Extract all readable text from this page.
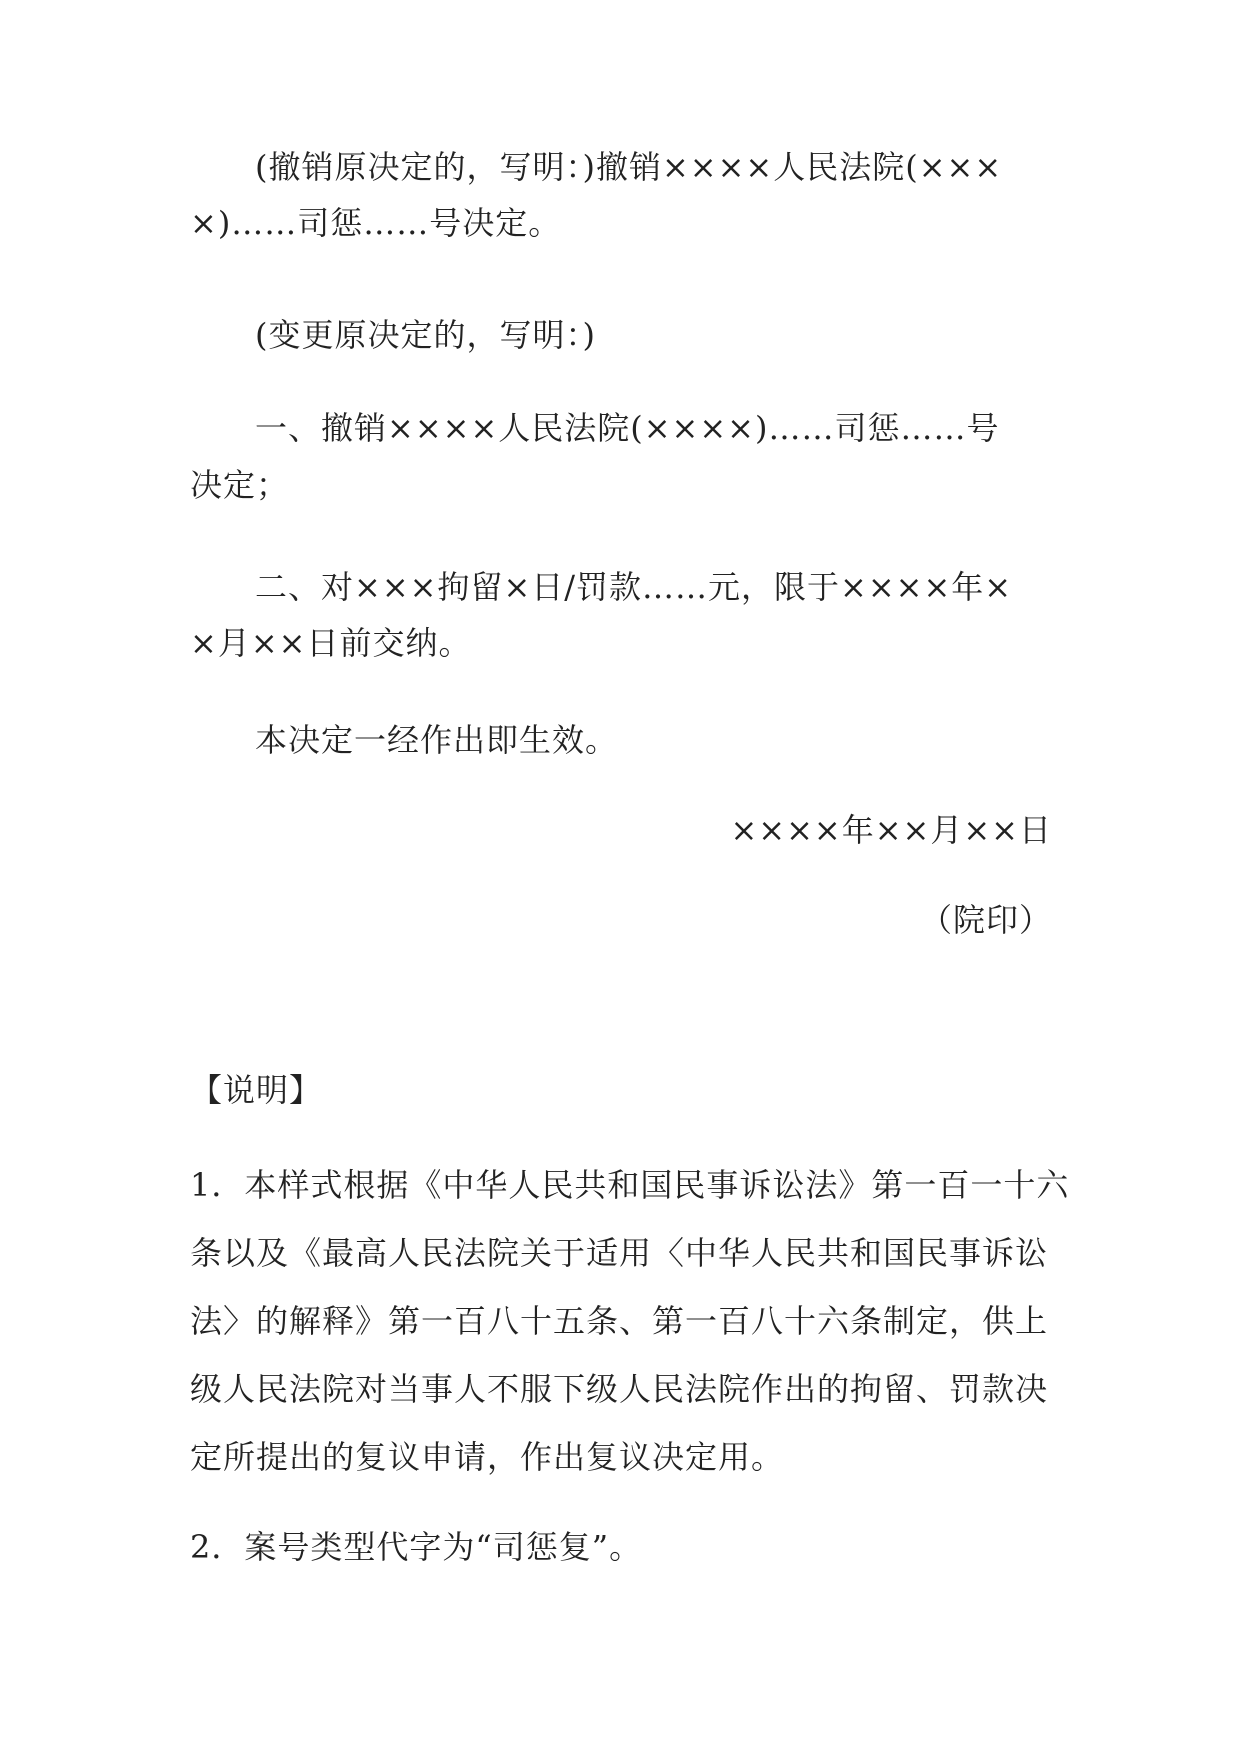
(撤销原决定的，写明：)撤销××××人民法院(×××

×)……司惩……号决定。

(变更原决定的，写明：)

一、撤销××××人民法院(××××)……司惩……号

决定；

二、对×××拘留×日/罚款……元，限于××××年×

×月××日前交纳。

本决定一经作出即生效。

××××年××月××日

（院印）

【说明】

1．本样式根据《中华人民共和国民事诉讼法》第一百一十六

条以及《最高人民法院关于适用〈中华人民共和国民事诉讼

法〉的解释》第一百八十五条、第一百八十六条制定，供上

级人民法院对当事人不服下级人民法院作出的拘留、罚款决

定所提出的复议申请，作出复议决定用。

2．案号类型代字为“司惩复”。
